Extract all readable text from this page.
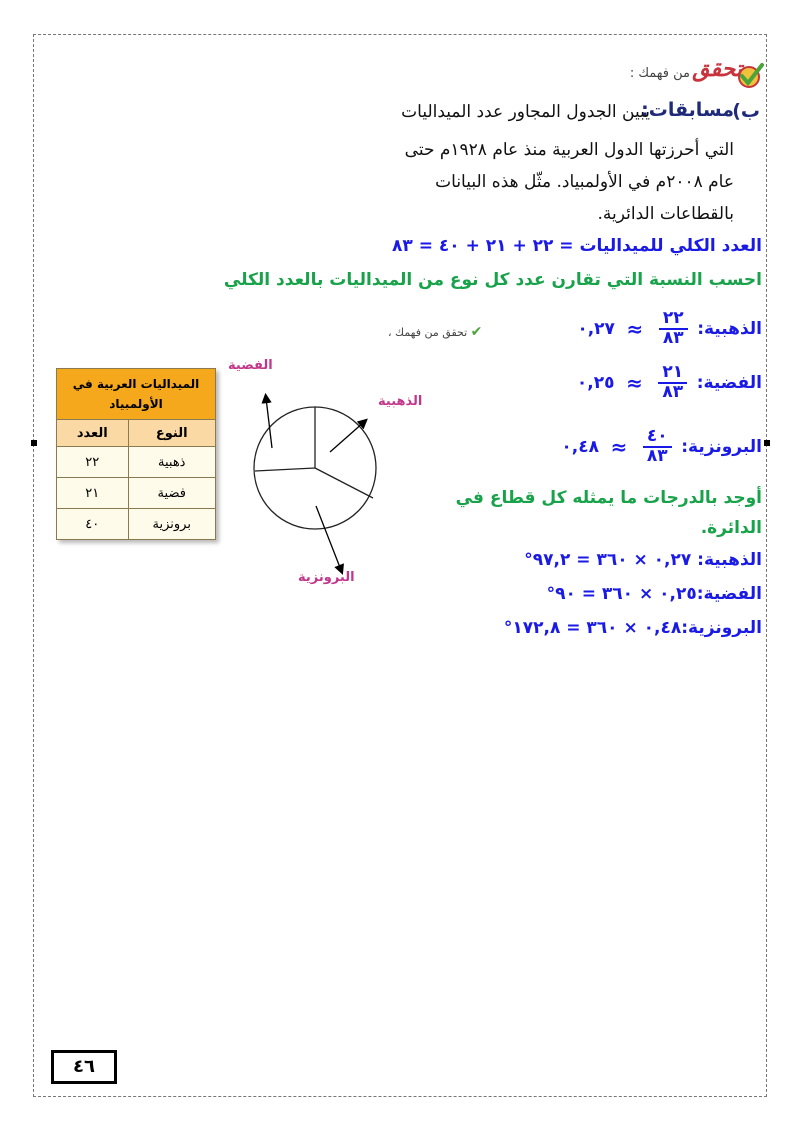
تحقق
من فهمك :
ب)
مسابقات:
يبين الجدول المجاور عدد الميداليات
التي أحرزتها الدول العربية منذ عام ١٩٢٨م حتى
عام ٢٠٠٨م في الأولمبياد. مثّل هذه البيانات
بالقطاعات الدائرية.
العدد الكلي للميداليات = ٢٢ + ٢١ + ٤٠ = ٨٣
احسب النسبة التي تقارن عدد كل نوع من الميداليات بالعدد الكلي
✔ تحقق من فهمك ،	الذهبية:
$\frac{٢٢}{٨٣}$
≈ ٠,٢٧
الفضية:
$\frac{٢١}{٨٣}$
≈ ٠,٢٥
البرونزية:
$\frac{٤٠}{٨٣}$
≈ ٠,٤٨
أوجد بالدرجات ما يمثله كل قطاع في
الدائرة.
الذهبية: ٠,٢٧ × ٣٦٠ = ٩٧,٢°
الفضية:٠,٢٥ × ٣٦٠ = ٩٠°
البرونزية:٠,٤٨ × ٣٦٠ = ١٧٢,٨°
الميداليات العربية في
الأولمبياد	

النوع	العدد
ذهبية	٢٢
فضية	٢١
برونزية	٤٠
الفضية
الذهبية
البرونزية
٤٦
